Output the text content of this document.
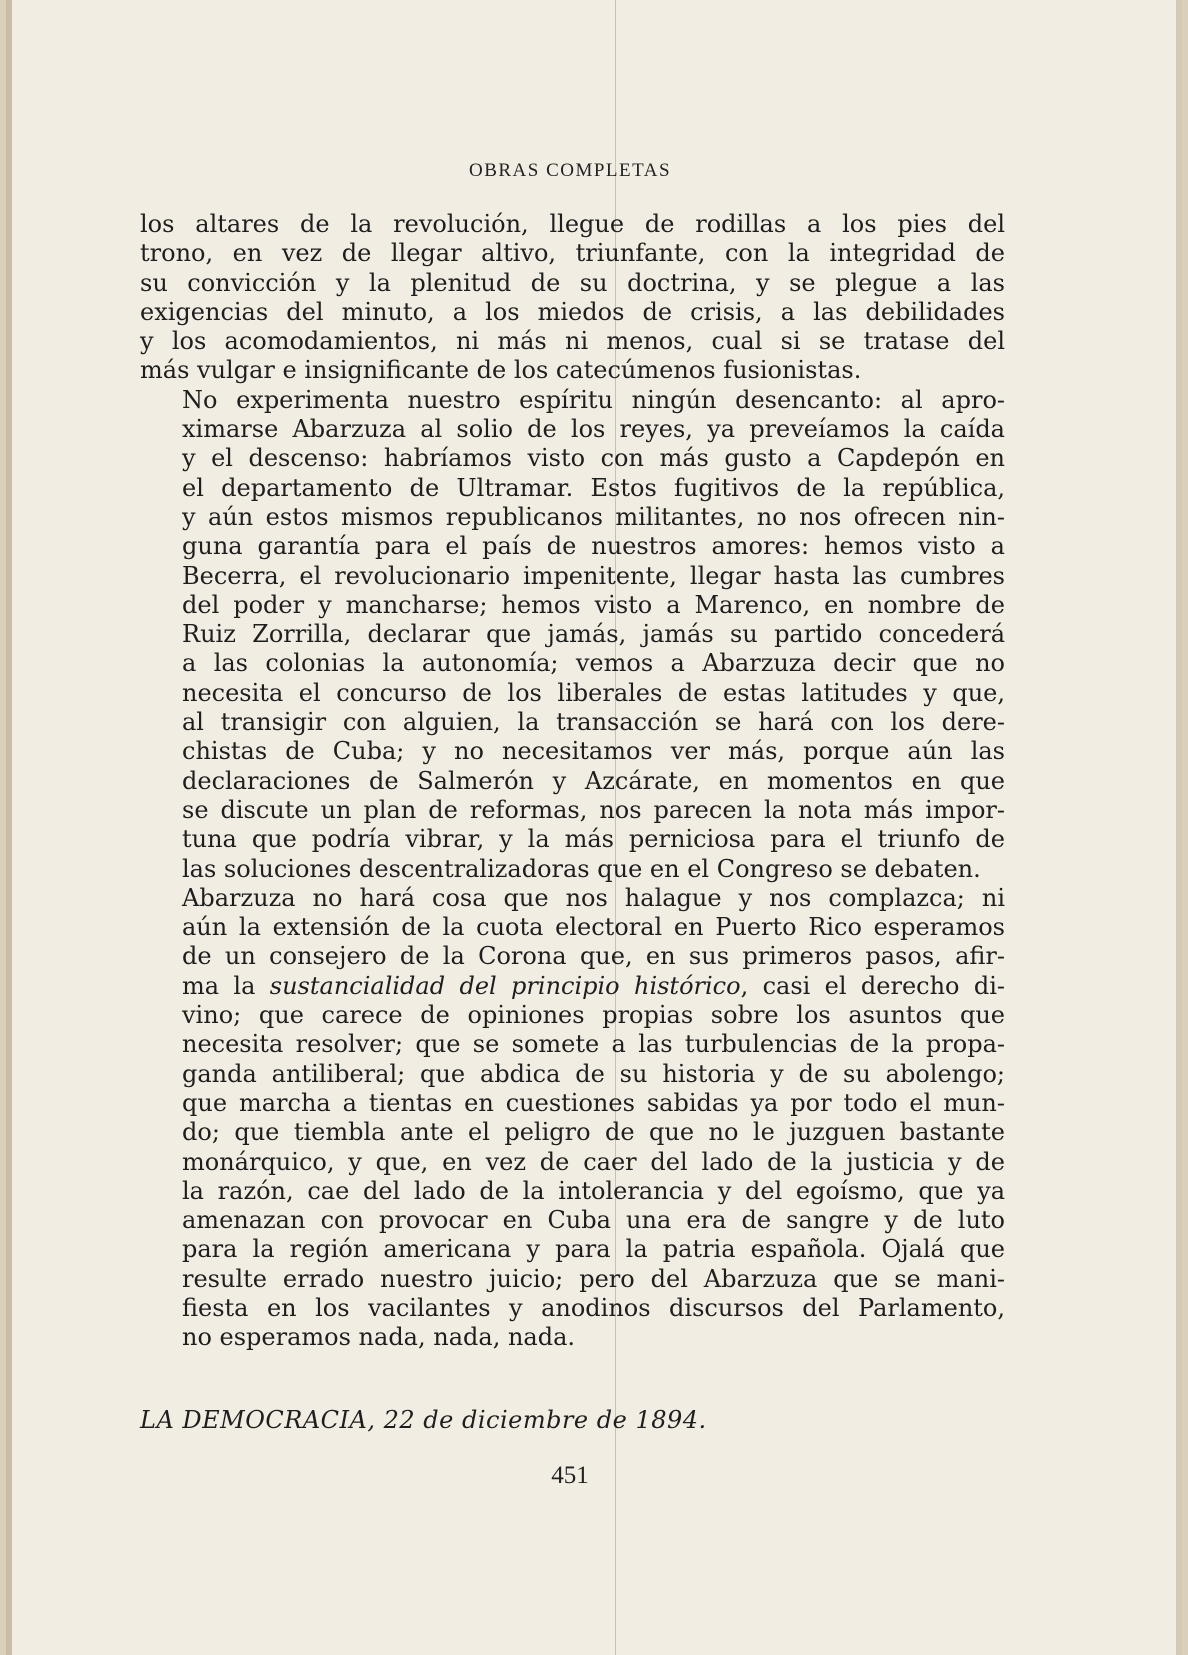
OBRAS COMPLETAS

los altares de la revolución, llegue de rodillas a los pies del
trono, en vez de llegar altivo, triunfante, con la integridad de
su convicción y la plenitud de su doctrina, y se plegue a las
exigencias del minuto, a los miedos de crisis, a las debilidades
y los acomodamientos, ni más ni menos, cual si se tratase del
más vulgar e insignificante de los catecúmenos fusionistas.

No experimenta nuestro espíritu ningún desencanto: al apro-
ximarse Abarzuza al solio de los reyes, ya preveíamos la caída
y el descenso: habríamos visto con más gusto a Capdepón en
el departamento de Ultramar. Estos fugitivos de la república,
y aún estos mismos republicanos militantes, no nos ofrecen nin-
guna garantía para el país de nuestros amores: hemos visto a
Becerra, el revolucionario impenitente, llegar hasta las cumbres
del poder y mancharse; hemos visto a Marenco, en nombre de
Ruiz Zorrilla, declarar que jamás, jamás su partido concederá
a las colonias la autonomía; vemos a Abarzuza decir que no
necesita el concurso de los liberales de estas latitudes y que,
al transigir con alguien, la transacción se hará con los dere-
chistas de Cuba; y no necesitamos ver más, porque aún las
declaraciones de Salmerón y Azcárate, en momentos en que
se discute un plan de reformas, nos parecen la nota más impor-
tuna que podría vibrar, y la más perniciosa para el triunfo de
las soluciones descentralizadoras que en el Congreso se debaten.

Abarzuza no hará cosa que nos halague y nos complazca; ni
aún la extensión de la cuota electoral en Puerto Rico esperamos
de un consejero de la Corona que, en sus primeros pasos, afir-
ma la sustancialidad del principio histórico, casi el derecho di-
vino; que carece de opiniones propias sobre los asuntos que
necesita resolver; que se somete a las turbulencias de la propa-
ganda antiliberal; que abdica de su historia y de su abolengo;
que marcha a tientas en cuestiones sabidas ya por todo el mun-
do; que tiembla ante el peligro de que no le juzguen bastante
monárquico, y que, en vez de caer del lado de la justicia y de
la razón, cae del lado de la intolerancia y del egoísmo, que ya
amenazan con provocar en Cuba una era de sangre y de luto
para la región americana y para la patria española. Ojalá que
resulte errado nuestro juicio; pero del Abarzuza que se mani-
fiesta en los vacilantes y anodinos discursos del Parlamento,
no esperamos nada, nada, nada.

LA DEMOCRACIA, 22 de diciembre de 1894.
451
